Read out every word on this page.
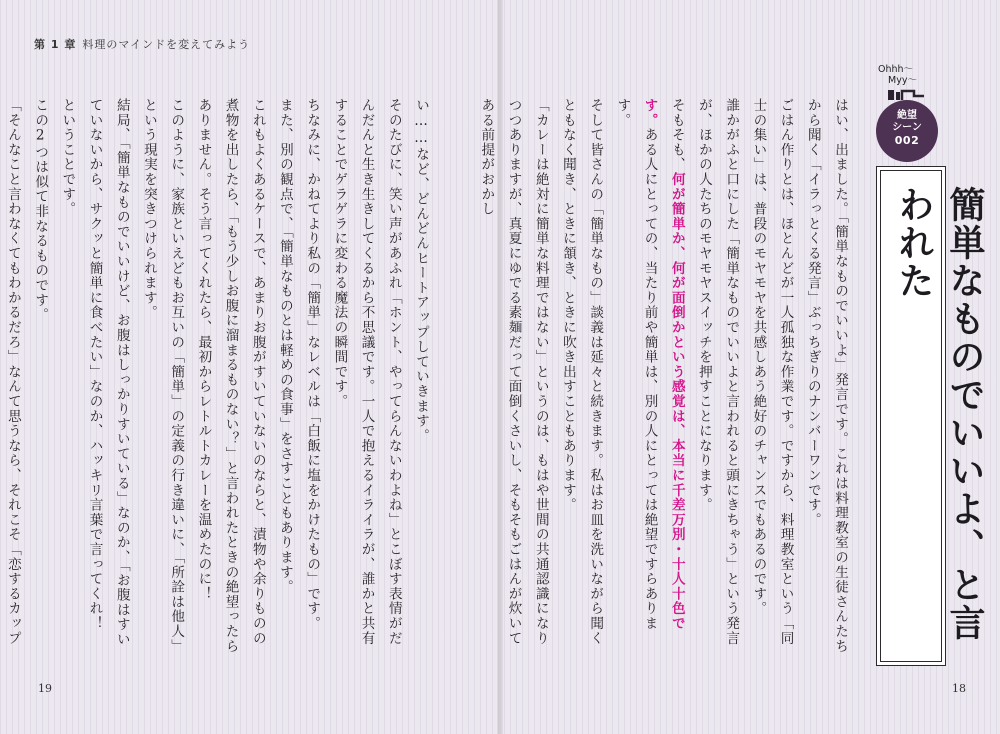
第 1 章 料理のマインドを変えてみよう

い……など、どんどんヒートアップしていきます。

そのたびに、笑い声があふれ「ホント、やってらんないわよね」とこぼす表情がだんだんと生き生きしてくるから不思議です。一人で抱えるイライラが、誰かと共有することでゲラゲラに変わる魔法の瞬間です。

ちなみに、かねてより私の「簡単」なレベルは「白飯に塩をかけたもの」です。

また、別の観点で、「簡単なものとは軽めの食事」をさすこともあります。

これもよくあるケースで、あまりお腹がすいていないのならと、漬物や余りものの煮物を出したら、「もう少しお腹に溜まるものない？」と言われたときの絶望ったらありません。そう言ってくれたら、最初からレトルトカレーを温めたのに！

このように、家族といえどもお互いの「簡単」の定義の行き違いに、「所詮は他人」という現実を突きつけられます。

結局、「簡単なものでいいけど、お腹はしっかりすいている」なのか、「お腹はすいていないから、サクッと簡単に食べたい」なのか、ハッキリ言葉で言ってくれ！　ということです。

この2つは似て非なるものです。

「そんなこと言わなくてもわかるだろ」なんて思うなら、それこそ「恋するカップ	はい、出ました。「簡単なものでいいよ」発言です。これは料理教室の生徒さんたちから聞く「イラっとくる発言」ぶっちぎりのナンバーワンです。

ごはん作りとは、ほとんどが一人孤独な作業です。ですから、料理教室という「同士の集い」は、普段のモヤモヤを共感しあう絶好のチャンスでもあるのです。

誰かがふと口にした「簡単なものでいいよと言われると頭にきちゃう」という発言が、ほかの人たちのモヤモヤスイッチを押すことになります。

そもそも、何が簡単か、何が面倒かという感覚は、本当に千差万別・十人十色です。ある人にとっての、当たり前や簡単は、別の人にとっては絶望ですらあります。

そして皆さんの「簡単なもの」談義は延々と続きます。私はお皿を洗いながら聞くともなく聞き、ときに頷き、ときに吹き出すこともあります。

「カレーは絶対に簡単な料理ではない」というのは、もはや世間の共通認識になりつつありますが、真夏にゆでる素麺だって面倒くさいし、そもそもごはんが炊いてある前提がおかし

Ohhh～
Myy～
絶望
シーン
002
簡単なものでいいよ、と言われた
19	18
